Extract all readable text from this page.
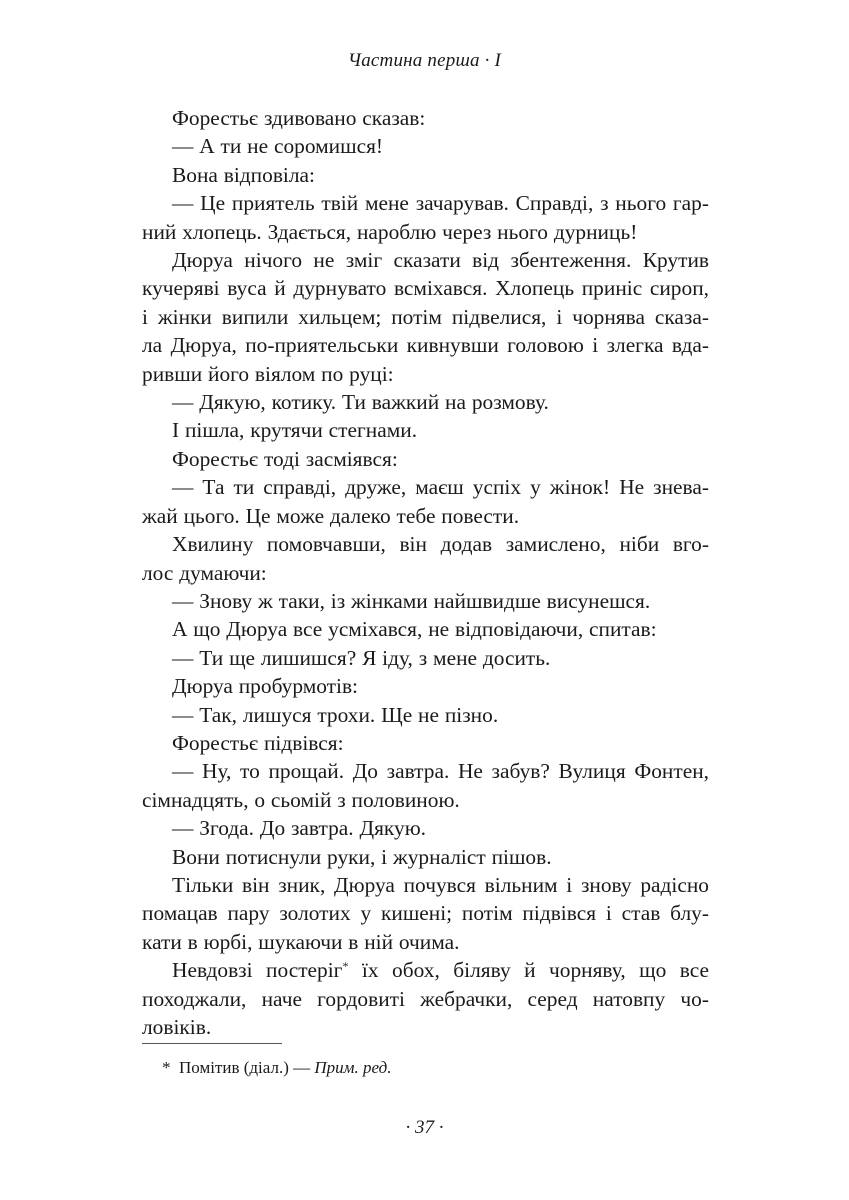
Частина перша · І
Форестьє здивовано сказав:
— А ти не соромишся!
Вона відповіла:
— Це приятель твій мене зачарував. Справді, з нього гар-
ний хлопець. Здається, нароблю через нього дурниць!
Дюруа нічого не зміг сказати від збентеження. Крутив
кучеряві вуса й дурнувато всміхався. Хлопець приніс сироп,
і жінки випили хильцем; потім підвелися, і чорнява сказа-
ла Дюруа, по-приятельськи кивнувши головою і злегка вда-
ривши його віялом по руці:
— Дякую, котику. Ти важкий на розмову.
І пішла, крутячи стегнами.
Форестьє тоді засміявся:
— Та ти справді, друже, маєш успіх у жінок! Не знева-
жай цього. Це може далеко тебе повести.
Хвилину помовчавши, він додав замислено, ніби вго-
лос думаючи:
— Знову ж таки, із жінками найшвидше висунешся.
А що Дюруа все усміхався, не відповідаючи, спитав:
— Ти ще лишишся? Я іду, з мене досить.
Дюруа пробурмотів:
— Так, лишуся трохи. Ще не пізно.
Форестьє підвівся:
— Ну, то прощай. До завтра. Не забув? Вулиця Фонтен,
сімнадцять, о сьомій з половиною.
— Згода. До завтра. Дякую.
Вони потиснули руки, і журналіст пішов.
Тільки він зник, Дюруа почувся вільним і знову радісно
помацав пару золотих у кишені; потім підвівся і став блу-
кати в юрбі, шукаючи в ній очима.
Невдовзі постеріг* їх обох, біляву й чорняву, що все
походжали, наче гордовиті жебрачки, серед натовпу чо-
ловіків.
* Помітив (діал.) — Прим. ред.
· 37 ·
